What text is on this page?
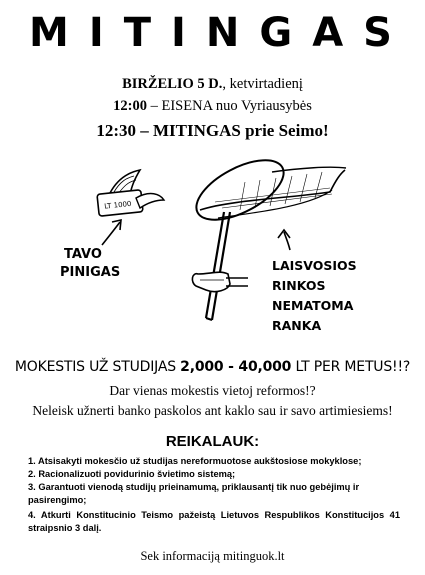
MITINGAS
BIRŽELIO 5 D., ketvirtadienį
12:00 – EISENA nuo Vyriausybės
12:30 – MITINGAS prie Seimo!
LT 1000
TAVO
PINIGAS	LAISVOSIOS
RINKOS
NEMATOMA
RANKA
MOKESTIS UŽ STUDIJAS 2,000 - 40,000 LT PER METUS!!?
Dar vienas mokestis vietoj reformos!?
Neleisk užnerti banko paskolos ant kaklo sau ir savo artimiesiems!
REIKALAUK:
1. Atsisakyti mokesčio už studijas nereformuotose aukštosiose mokyklose;
2. Racionalizuoti povidurinio švietimo sistemą;
3. Garantuoti vienodą studijų prieinamumą, priklausantį tik nuo gebėjimų ir pasirengimo;
4. Atkurti Konstitucinio Teismo pažeistą Lietuvos Respublikos Konstitucijos 41 straipsnio 3 dalį.
Sek informaciją mitinguok.lt
